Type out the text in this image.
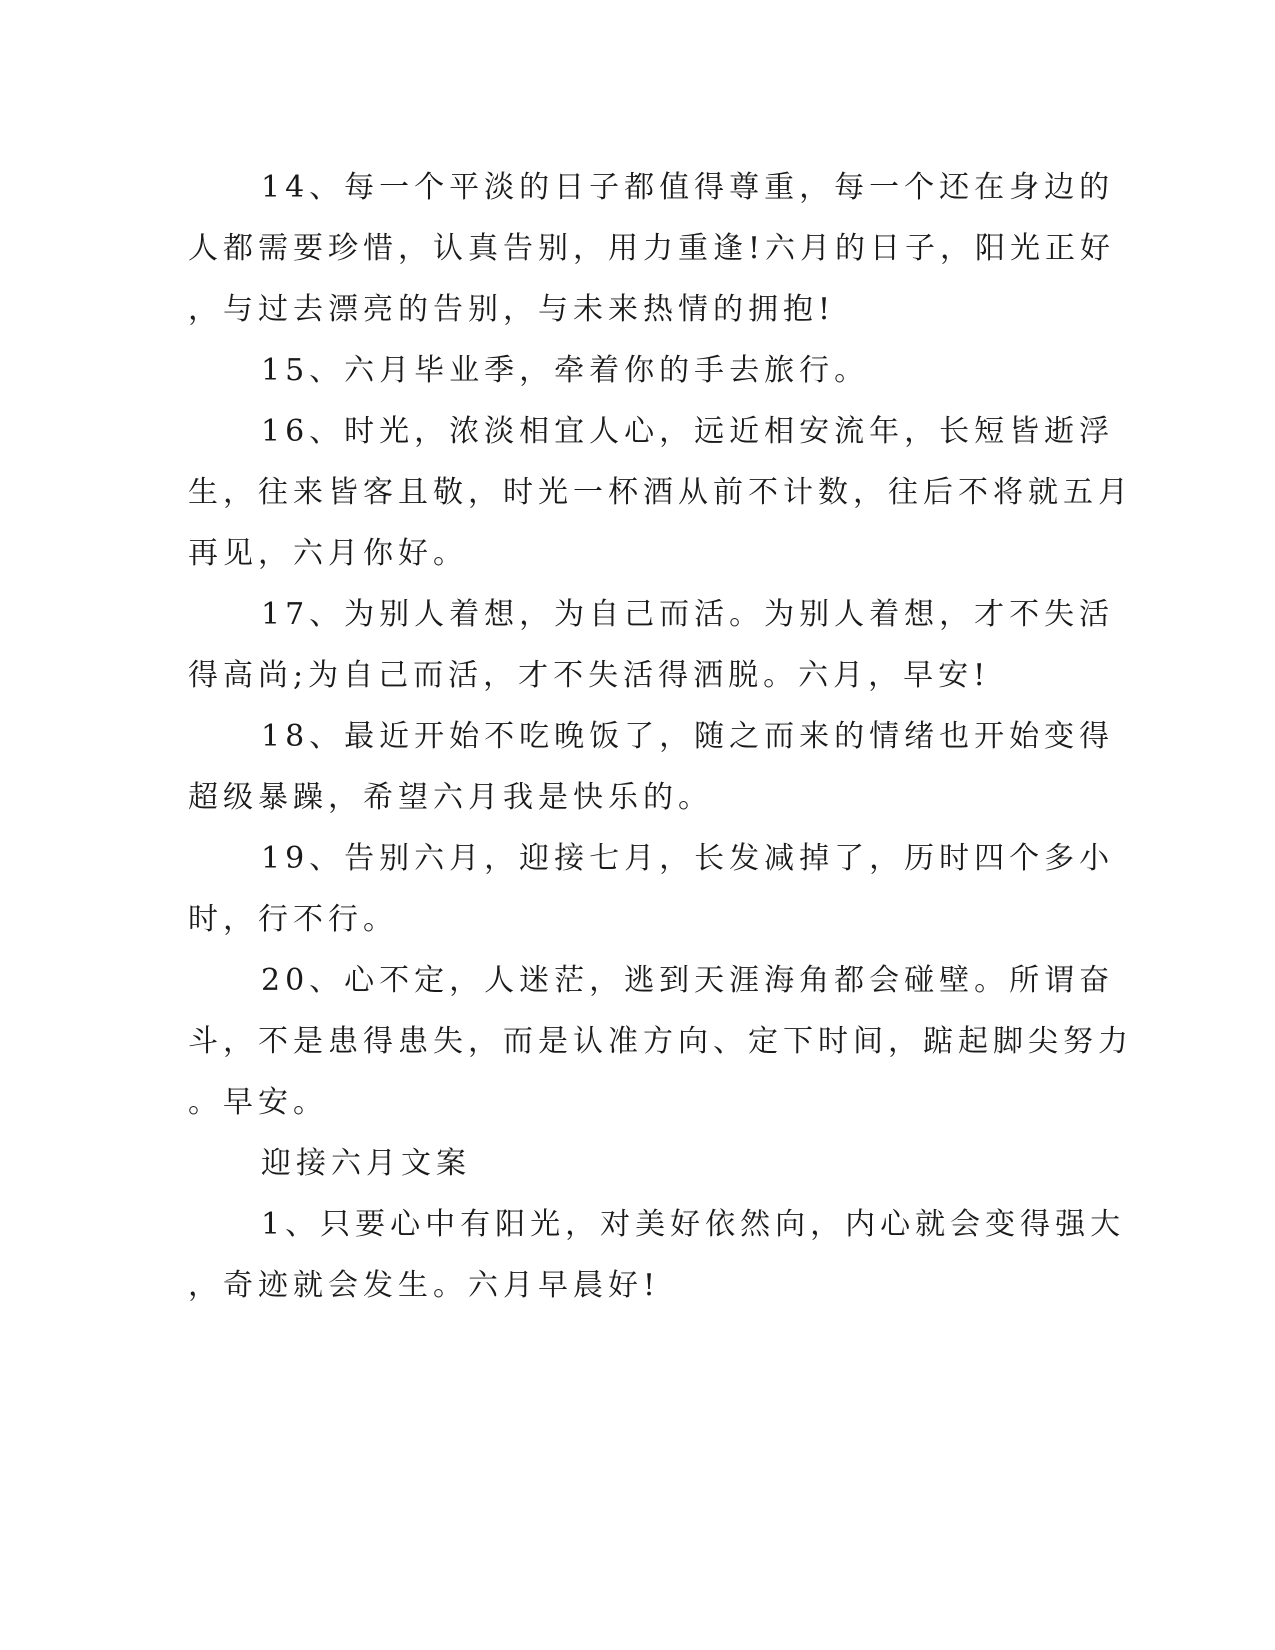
14、每一个平淡的日子都值得尊重，每一个还在身边的
人都需要珍惜，认真告别，用力重逢!六月的日子，阳光正好
，与过去漂亮的告别，与未来热情的拥抱!

15、六月毕业季，牵着你的手去旅行。

16、时光，浓淡相宜人心，远近相安流年，长短皆逝浮
生，往来皆客且敬，时光一杯酒从前不计数，往后不将就五月
再见，六月你好。

17、为别人着想，为自己而活。为别人着想，才不失活
得高尚;为自己而活，才不失活得洒脱。六月，早安!

18、最近开始不吃晚饭了，随之而来的情绪也开始变得
超级暴躁，希望六月我是快乐的。

19、告别六月，迎接七月，长发减掉了，历时四个多小
时，行不行。

20、心不定，人迷茫，逃到天涯海角都会碰壁。所谓奋
斗，不是患得患失，而是认准方向、定下时间，踮起脚尖努力
。早安。

迎接六月文案

1、只要心中有阳光，对美好依然向，内心就会变得强大
，奇迹就会发生。六月早晨好!
